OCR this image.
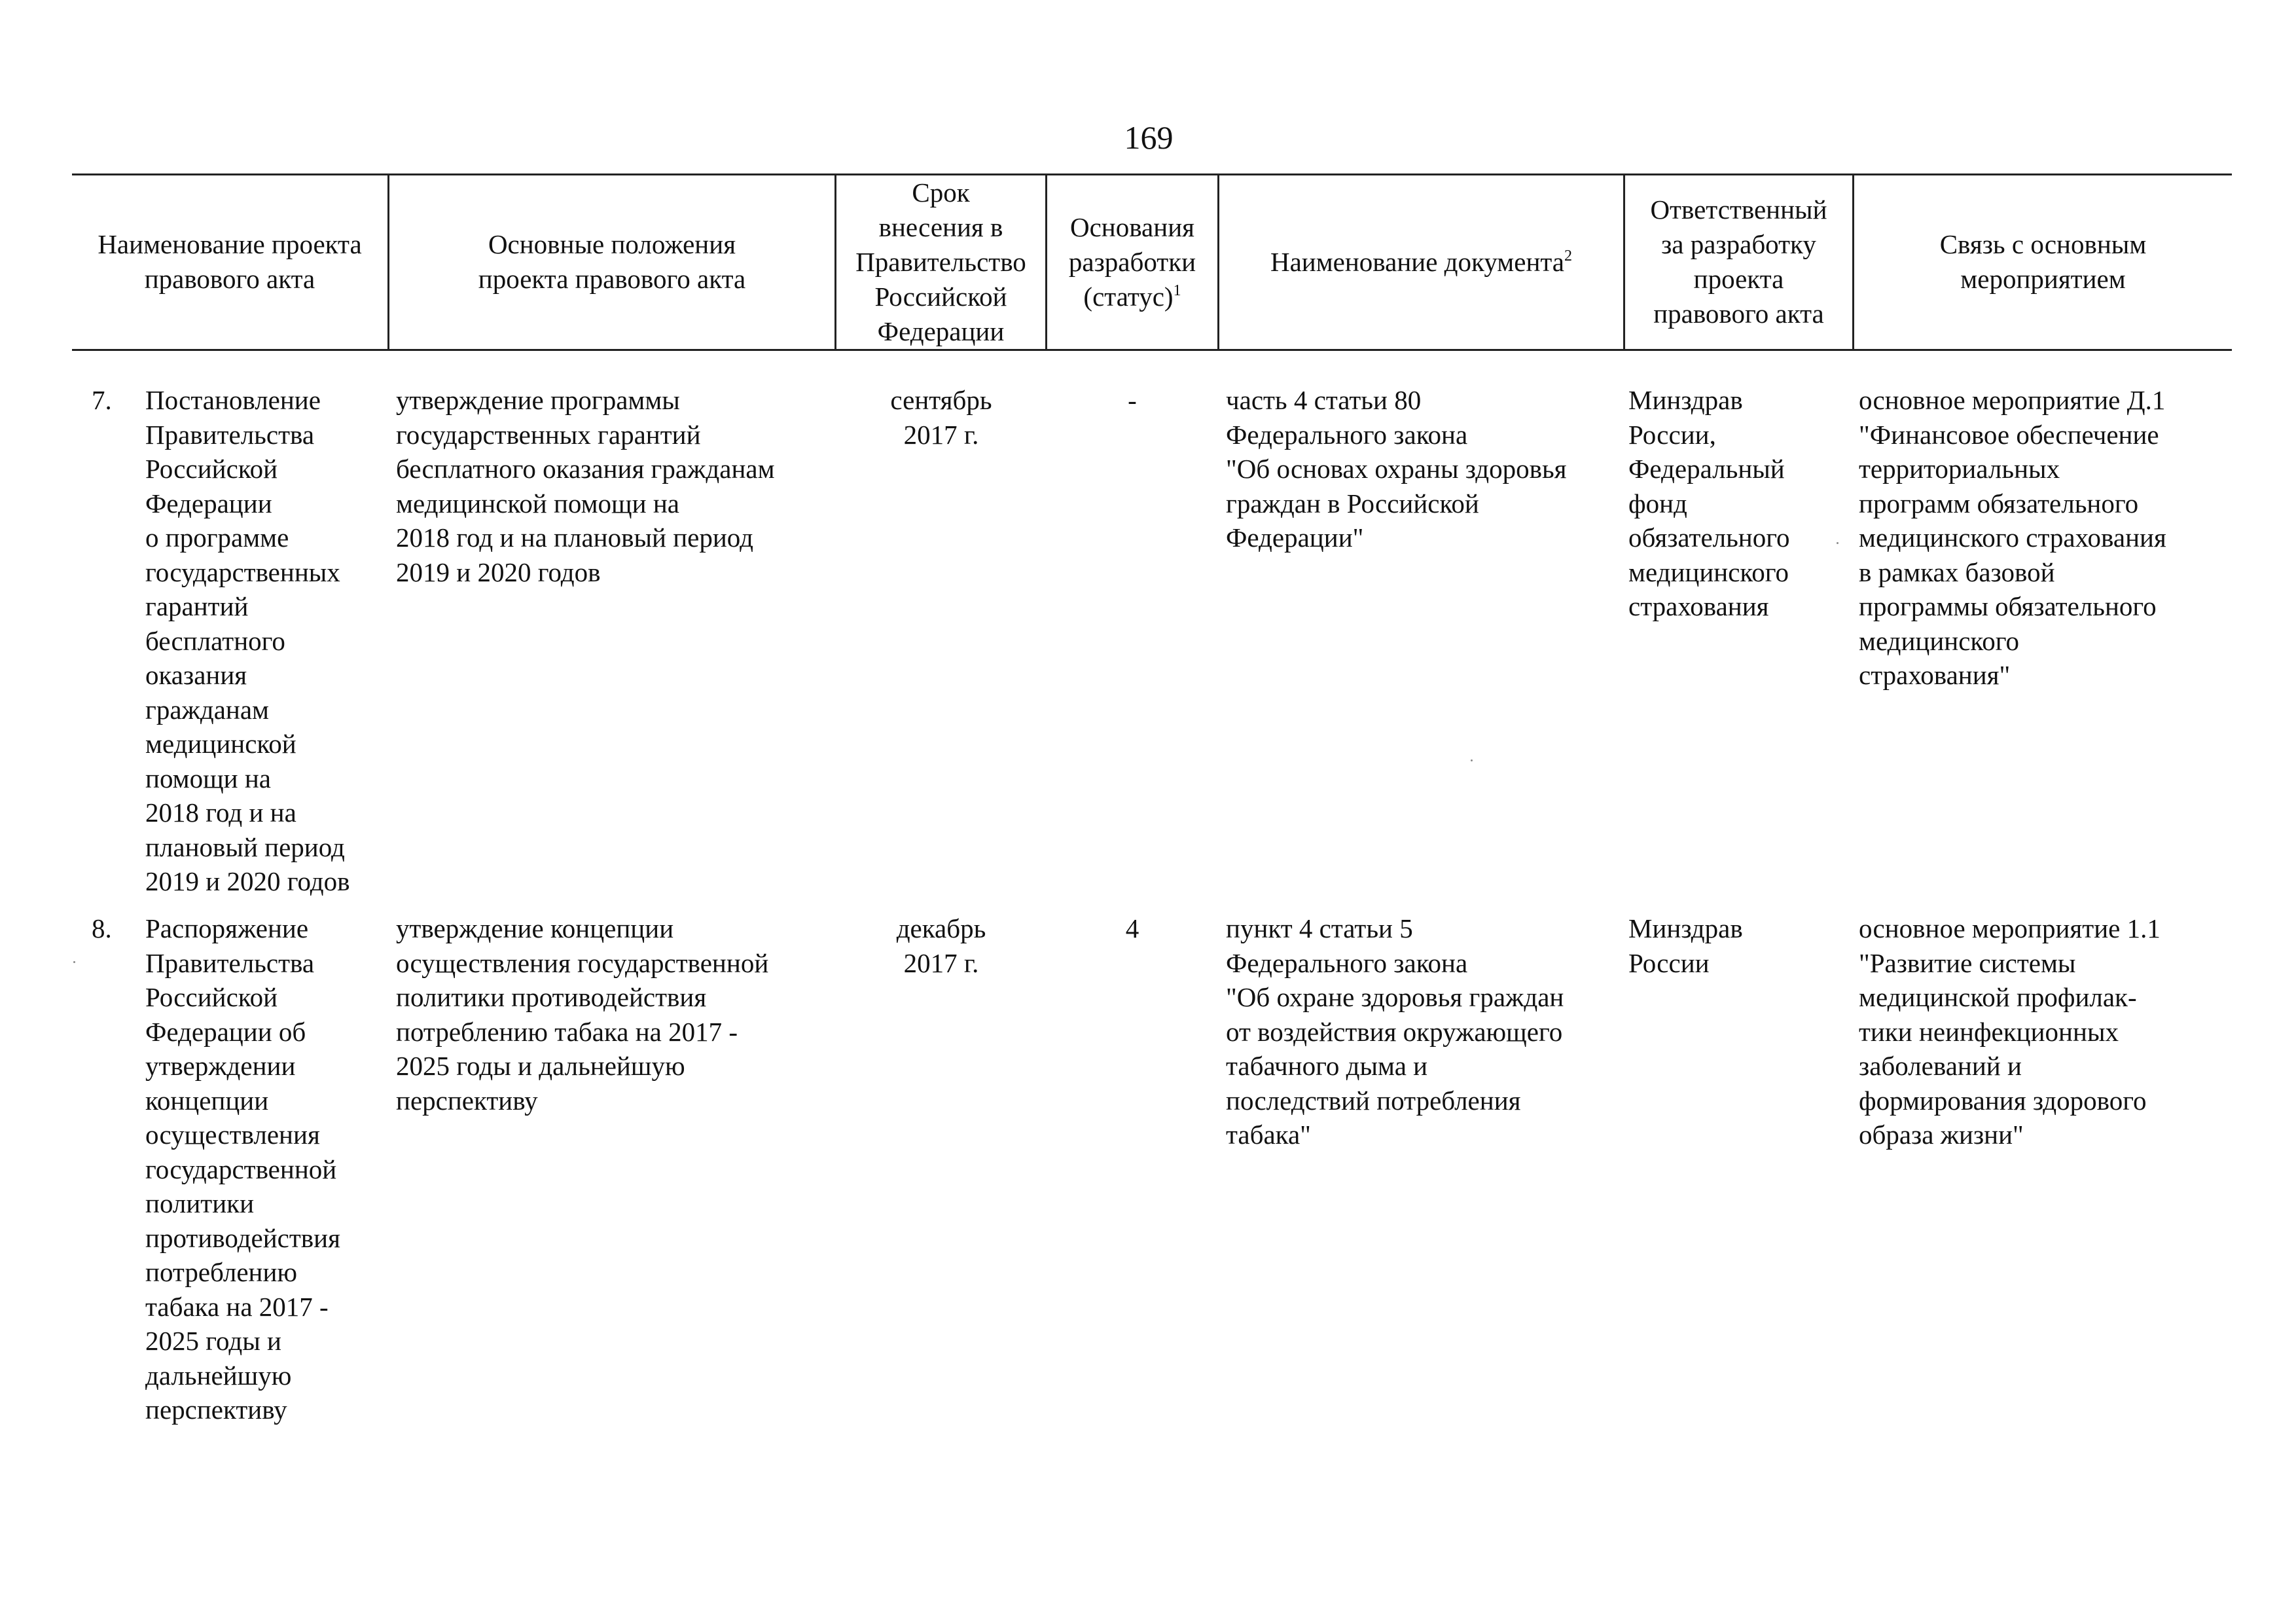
169
Наименование проекта
правового акта
Основные положения
проекта правового акта
Срок
внесения в
Правительство
Российской
Федерации
Основания
разработки
(статус)$^1$
Наименование документа$^2$
Ответственный
за разработку
проекта
правового акта
Связь с основным
мероприятием
7. Постановление
Правительства
Российской
Федерации
о программе
государственных
гарантий
бесплатного
оказания
гражданам
медицинской
помощи на
2018 год и на
плановый период
2019 и 2020 годов
утверждение программы
государственных гарантий
бесплатного оказания гражданам
медицинской помощи на
2018 год и на плановый период
2019 и 2020 годов
сентябрь
2017 г.
-	часть 4 статьи 80
Федерального закона
"Об основах охраны здоровья
граждан в Российской
Федерации"
Минздрав
России,
Федеральный
фонд
обязательного
медицинского
страхования
основное мероприятие Д.1
"Финансовое обеспечение
территориальных
программ обязательного
медицинского страхования
в рамках базовой
программы обязательного
медицинского
страхования"
8. Распоряжение
Правительства
Российской
Федерации об
утверждении
концепции
осуществления
государственной
политики
противодействия
потреблению
табака на 2017 -
2025 годы и
дальнейшую
перспективу
утверждение концепции
осуществления государственной
политики противодействия
потреблению табака на 2017 -
2025 годы и дальнейшую
перспективу
декабрь
2017 г.
4	пункт 4 статьи 5
Федерального закона
"Об охране здоровья граждан
от воздействия окружающего
табачного дыма и
последствий потребления
табака"
Минздрав
России
основное мероприятие 1.1
"Развитие системы
медицинской профилак-
тики неинфекционных
заболеваний и
формирования здорового
образа жизни"
